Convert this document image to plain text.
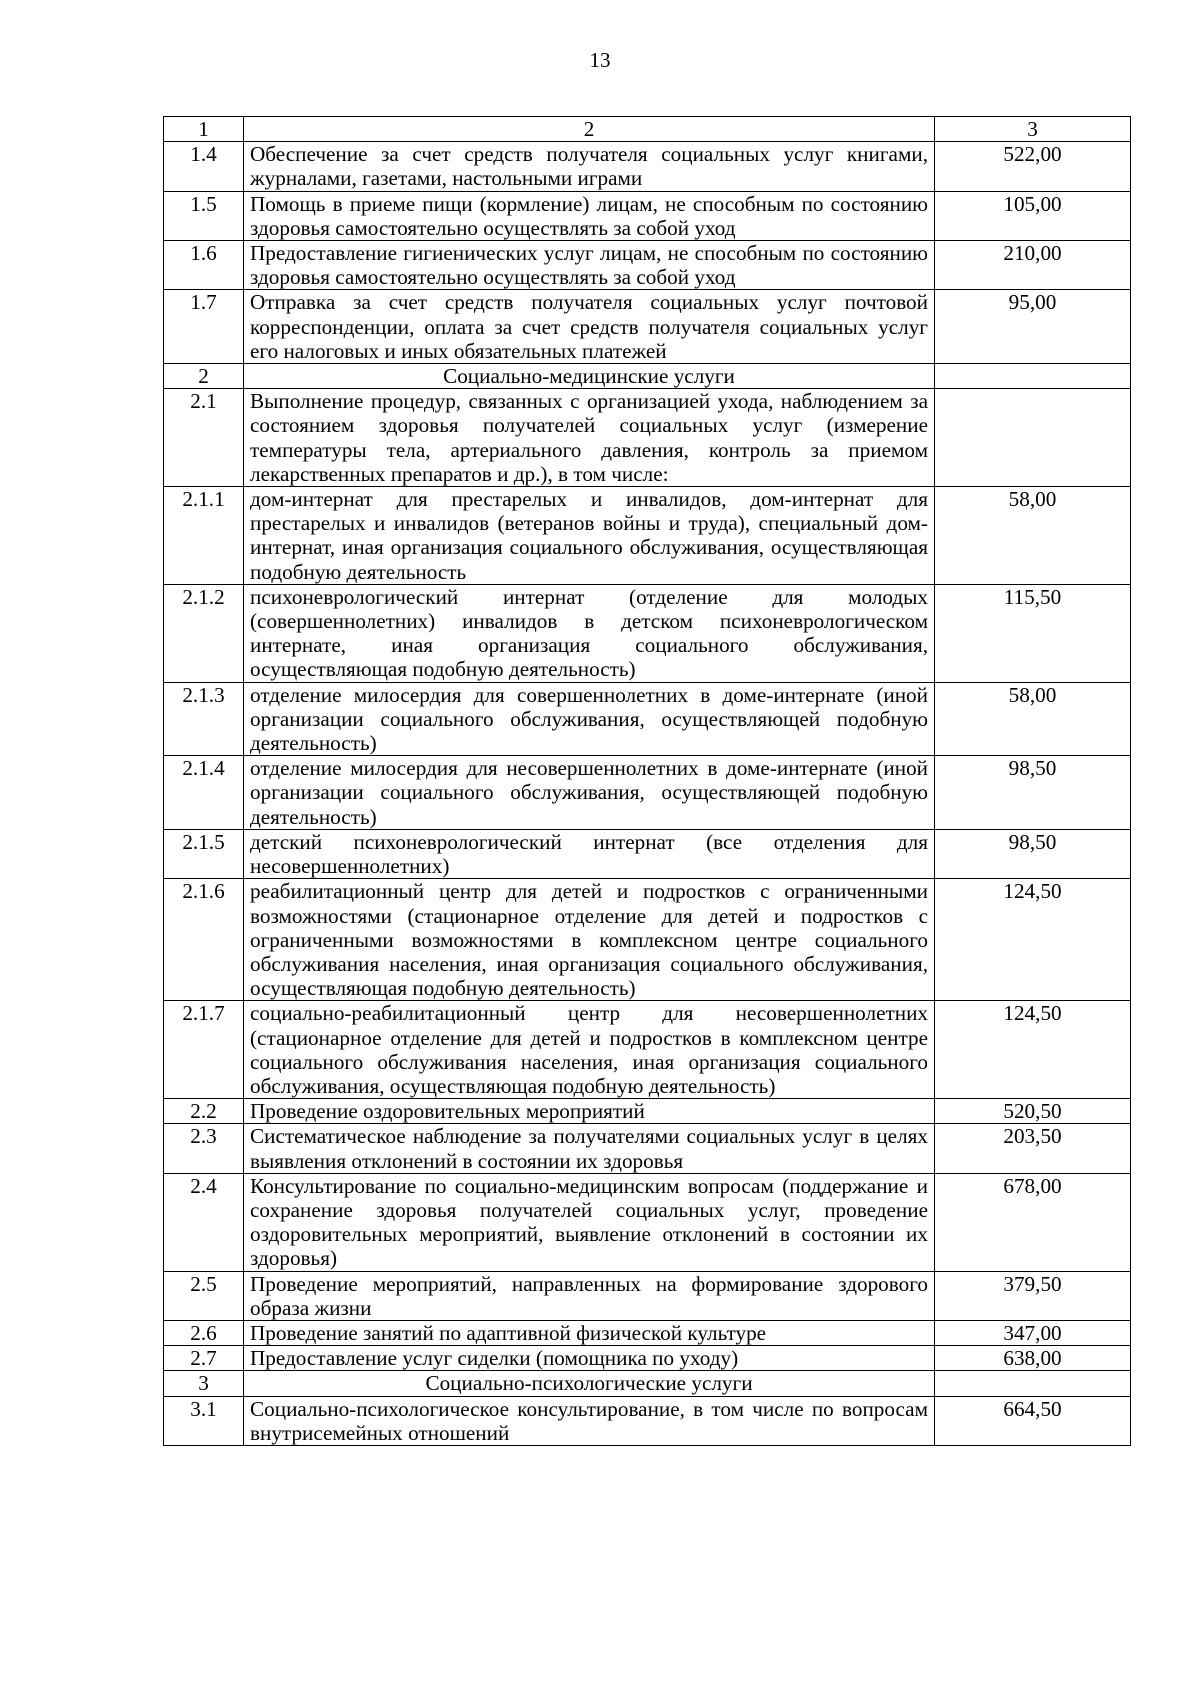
13
1	2	3
1.4	Обеспечение за счет средств получателя социальных услуг книгами, журналами, газетами, настольными играми	522,00
1.5	Помощь в приеме пищи (кормление) лицам, не способным по состоянию здоровья самостоятельно осуществлять за собой уход	105,00
1.6	Предоставление гигиенических услуг лицам, не способным по состоянию здоровья самостоятельно осуществлять за собой уход	210,00
1.7	Отправка за счет средств получателя социальных услуг почтовой корреспонденции, оплата за счет средств получателя социальных услуг его налоговых и иных обязательных платежей	95,00
2	Социально-медицинские услуги	
2.1	Выполнение процедур, связанных с организацией ухода, наблюдением за состоянием здоровья получателей социальных услуг (измерение температуры тела, артериального давления, контроль за приемом лекарственных препаратов и др.), в том числе:	
2.1.1	дом-интернат для престарелых и инвалидов, дом-интернат для престарелых и инвалидов (ветеранов войны и труда), специальный дом-интернат, иная организация социального обслуживания, осуществляющая подобную деятельность	58,00
2.1.2	психоневрологический интернат (отделение для молодых (совершеннолетних) инвалидов в детском психоневрологическом интернате, иная организация социального обслуживания, осуществляющая подобную деятельность)	115,50
2.1.3	отделение милосердия для совершеннолетних в доме-интернате (иной организации социального обслуживания, осуществляющей подобную деятельность)	58,00
2.1.4	отделение милосердия для несовершеннолетних в доме-интернате (иной организации социального обслуживания, осуществляющей подобную деятельность)	98,50
2.1.5	детский психоневрологический интернат (все отделения для несовершеннолетних)	98,50
2.1.6	реабилитационный центр для детей и подростков с ограниченными возможностями (стационарное отделение для детей и подростков с ограниченными возможностями в комплексном центре социального обслуживания населения, иная организация социального обслуживания, осуществляющая подобную деятельность)	124,50
2.1.7	социально-реабилитационный центр для несовершеннолетних (стационарное отделение для детей и подростков в комплексном центре социального обслуживания населения, иная организация социального обслуживания, осуществляющая подобную деятельность)	124,50
2.2	Проведение оздоровительных мероприятий	520,50
2.3	Систематическое наблюдение за получателями социальных услуг в целях выявления отклонений в состоянии их здоровья	203,50
2.4	Консультирование по социально-медицинским вопросам (поддержание и сохранение здоровья получателей социальных услуг, проведение оздоровительных мероприятий, выявление отклонений в состоянии их здоровья)	678,00
2.5	Проведение мероприятий, направленных на формирование здорового образа жизни	379,50
2.6	Проведение занятий по адаптивной физической культуре	347,00
2.7	Предоставление услуг сиделки (помощника по уходу)	638,00
3	Социально-психологические услуги	
3.1	Социально-психологическое консультирование, в том числе по вопросам внутрисемейных отношений	664,50
